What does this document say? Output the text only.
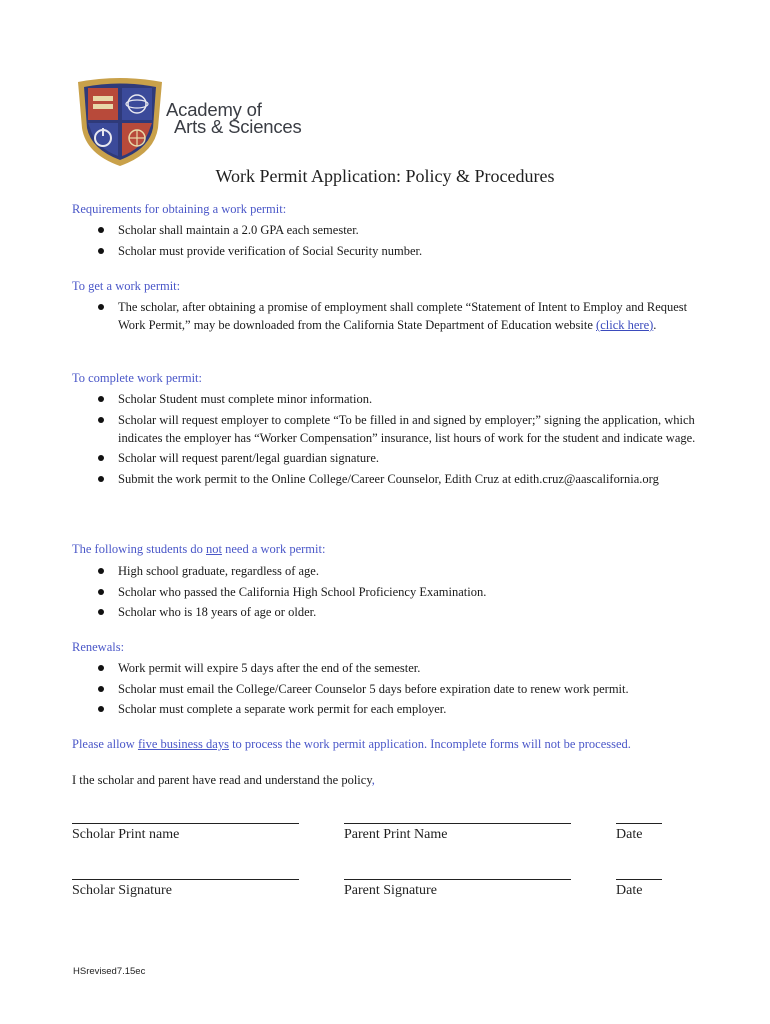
Academy of
Arts & Sciences
Work Permit Application: Policy & Procedures
Requirements for obtaining a work permit:
Scholar shall maintain a 2.0 GPA each semester.
Scholar must provide verification of Social Security number.
To get a work permit:
The scholar, after obtaining a promise of employment shall complete “Statement of Intent to Employ and Request Work Permit,” may be downloaded from the California State Department of Education website (click here).
To complete work permit:
Scholar Student must complete minor information.
Scholar will request employer to complete “To be filled in and signed by employer;” signing the application, which indicates the employer has “Worker Compensation” insurance, list hours of work for the student and indicate wage.
Scholar will request parent/legal guardian signature.
Submit the work permit to the Online College/Career Counselor, Edith Cruz at edith.cruz@aascalifornia.org
The following students do not need a work permit:
High school graduate, regardless of age.
Scholar who passed the California High School Proficiency Examination.
Scholar who is 18 years of age or older.
Renewals:
Work permit will expire 5 days after the end of the semester.
Scholar must email the College/Career Counselor 5 days before expiration date to renew work permit.
Scholar must complete a separate work permit for each employer.
Please allow five business days to process the work permit application. Incomplete forms will not be processed.
I the scholar and parent have read and understand the policy,
Scholar Print name	Parent Print Name	Date
Scholar Signature	Parent Signature	Date
HSrevised7.15ec
